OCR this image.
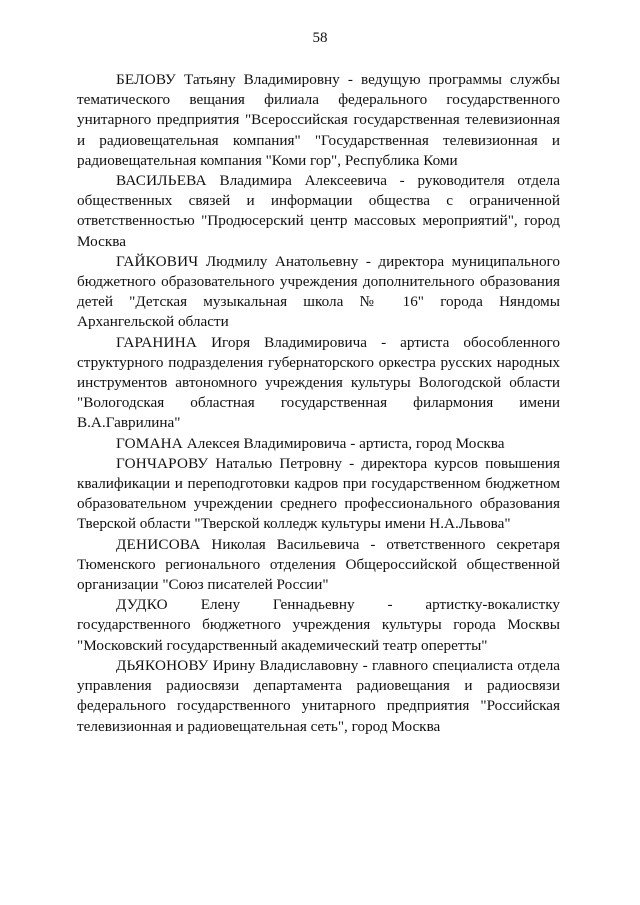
58

БЕЛОВУ Татьяну Владимировну - ведущую программы службы тематического вещания филиала федерального государственного унитарного предприятия "Всероссийская государственная телевизионная и радиовещательная компания" "Государственная телевизионная и радиовещательная компания "Коми гор", Республика Коми

ВАСИЛЬЕВА Владимира Алексеевича - руководителя отдела общественных связей и информации общества с ограниченной ответственностью "Продюсерский центр массовых мероприятий", город Москва

ГАЙКОВИЧ Людмилу Анатольевну - директора муниципального бюджетного образовательного учреждения дополнительного образования детей "Детская музыкальная школа № 16" города Няндомы Архангельской области

ГАРАНИНА Игоря Владимировича - артиста обособленного структурного подразделения губернаторского оркестра русских народных инструментов автономного учреждения культуры Вологодской области "Вологодская областная государственная филармония имени В.А.Гаврилина"

ГОМАНА Алексея Владимировича - артиста, город Москва

ГОНЧАРОВУ Наталью Петровну - директора курсов повышения квалификации и переподготовки кадров при государственном бюджетном образовательном учреждении среднего профессионального образования Тверской области "Тверской колледж культуры имени Н.А.Львова"

ДЕНИСОВА Николая Васильевича - ответственного секретаря Тюменского регионального отделения Общероссийской общественной организации "Союз писателей России"

ДУДКО Елену Геннадьевну - артистку-вокалистку государственного бюджетного учреждения культуры города Москвы "Московский государственный академический театр оперетты"

ДЬЯКОНОВУ Ирину Владиславовну - главного специалиста отдела управления радиосвязи департамента радиовещания и радиосвязи федерального государственного унитарного предприятия "Российская телевизионная и радиовещательная сеть", город Москва
